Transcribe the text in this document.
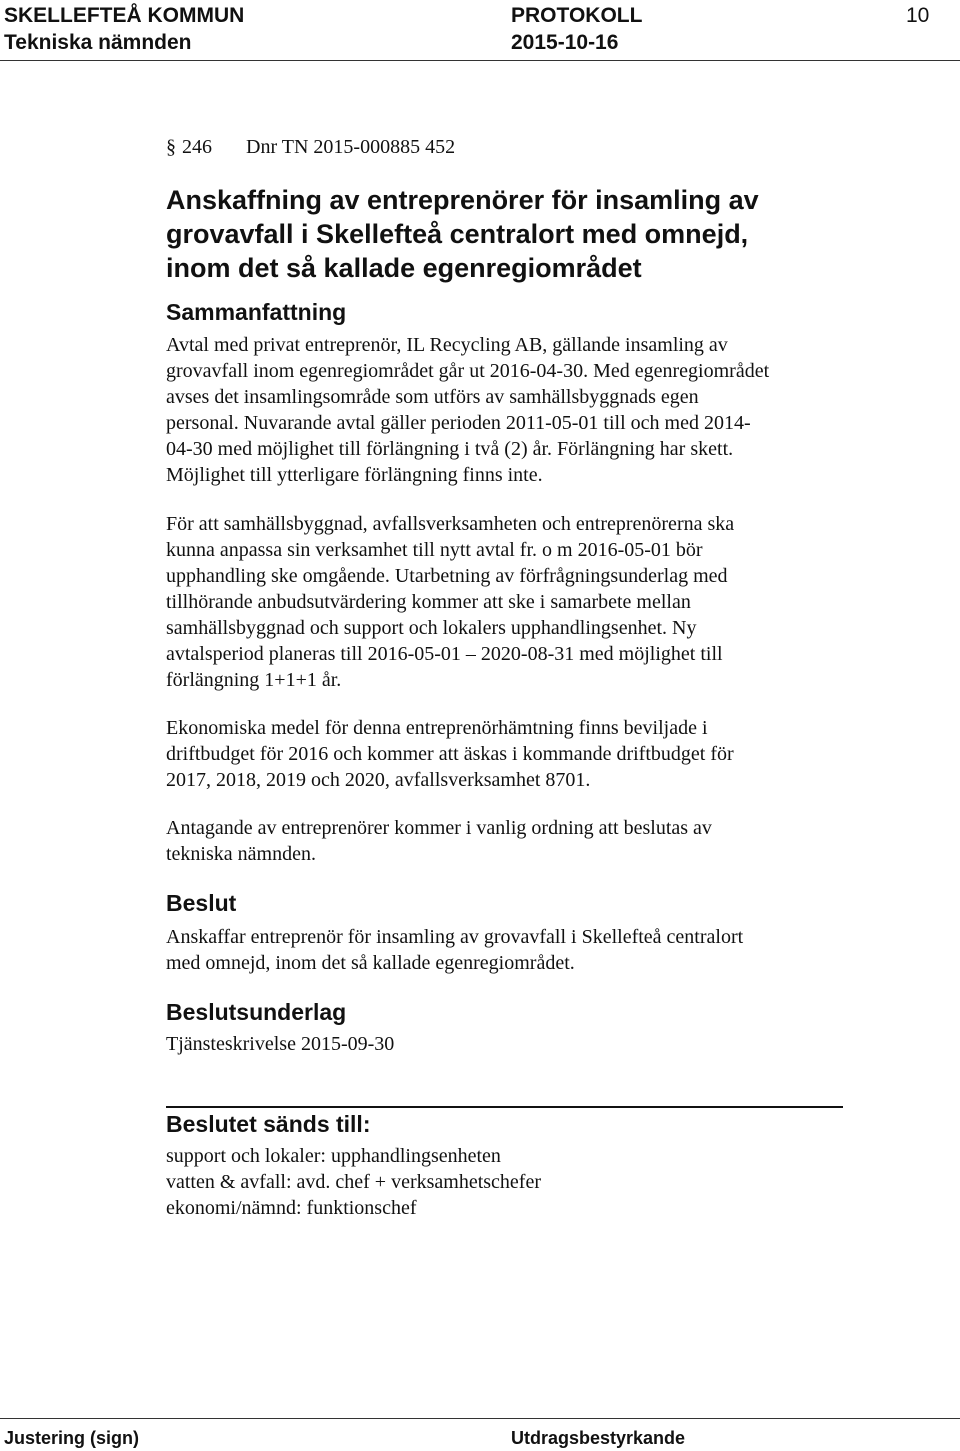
SKELLEFTEÅ KOMMUN	PROTOKOLL	10
Tekniska nämnden	2015-10-16
§ 246 Dnr TN 2015-000885 452
Anskaffning av entreprenörer för insamling av
grovavfall i Skellefteå centralort med omnejd,
inom det så kallade egenregiområdet
Sammanfattning
Avtal med privat entreprenör, IL Recycling AB, gällande insamling av
grovavfall inom egenregiområdet går ut 2016-04-30. Med egenregiområdet
avses det insamlingsområde som utförs av samhällsbyggnads egen
personal. Nuvarande avtal gäller perioden 2011-05-01 till och med 2014-
04-30 med möjlighet till förlängning i två (2) år. Förlängning har skett.
Möjlighet till ytterligare förlängning finns inte.
För att samhällsbyggnad, avfallsverksamheten och entreprenörerna ska
kunna anpassa sin verksamhet till nytt avtal fr. o m 2016-05-01 bör
upphandling ske omgående. Utarbetning av förfrågningsunderlag med
tillhörande anbudsutvärdering kommer att ske i samarbete mellan
samhällsbyggnad och support och lokalers upphandlingsenhet. Ny
avtalsperiod planeras till 2016-05-01 – 2020-08-31 med möjlighet till
förlängning 1+1+1 år.
Ekonomiska medel för denna entreprenörhämtning finns beviljade i
driftbudget för 2016 och kommer att äskas i kommande driftbudget för
2017, 2018, 2019 och 2020, avfallsverksamhet 8701.
Antagande av entreprenörer kommer i vanlig ordning att beslutas av
tekniska nämnden.
Beslut
Anskaffar entreprenör för insamling av grovavfall i Skellefteå centralort
med omnejd, inom det så kallade egenregiområdet.
Beslutsunderlag
Tjänsteskrivelse 2015-09-30
Beslutet sänds till:
support och lokaler: upphandlingsenheten
vatten & avfall: avd. chef + verksamhetschefer
ekonomi/nämnd: funktionschef
Justering (sign)	Utdragsbestyrkande
